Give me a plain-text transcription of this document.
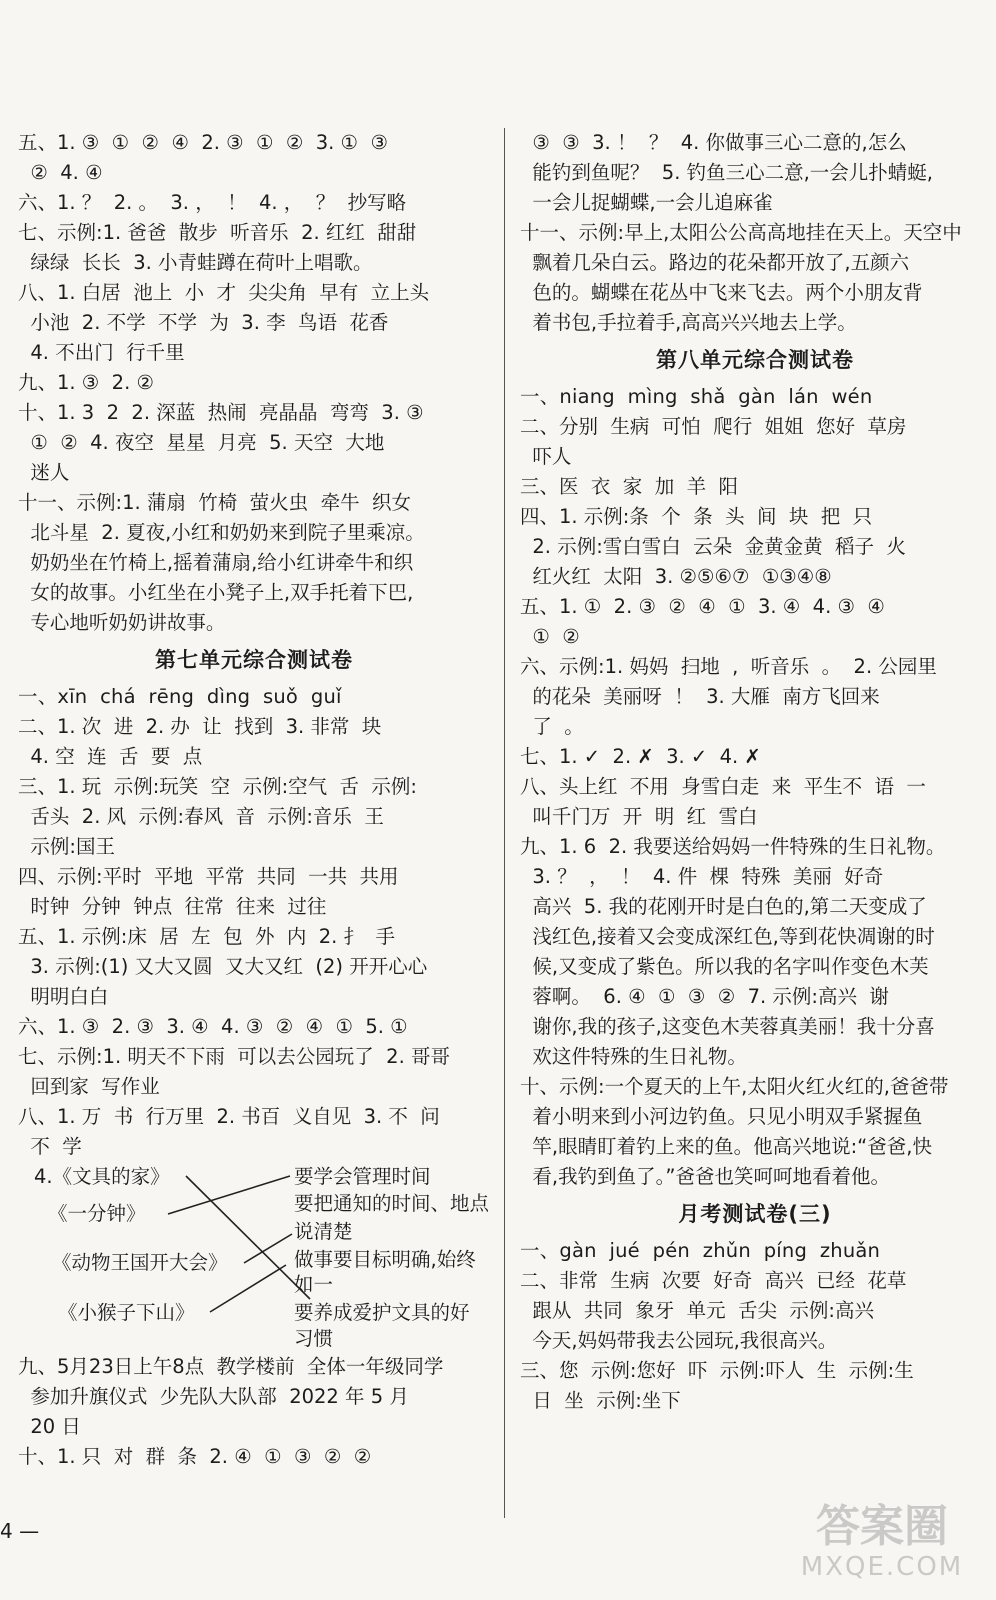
五、1. ③  ①  ②  ④  2. ③  ①  ②  3. ①  ③
②  4. ④
六、1. ？  2. 。  3. ，  ！  4. ，  ？  抄写略
七、示例:1. 爸爸  散步  听音乐  2. 红红  甜甜
绿绿  长长  3. 小青蛙蹲在荷叶上唱歌。
八、1. 白居  池上  小  才  尖尖角  早有  立上头
小池  2. 不学  不学  为  3. 李  鸟语  花香
4. 不出门  行千里
九、1. ③  2. ②
十、1. 3  2  2. 深蓝  热闹  亮晶晶  弯弯  3. ③
①  ②  4. 夜空  星星  月亮  5. 天空  大地
迷人
十一、示例:1. 蒲扇  竹椅  萤火虫  牵牛  织女
北斗星  2. 夏夜,小红和奶奶来到院子里乘凉。
奶奶坐在竹椅上,摇着蒲扇,给小红讲牵牛和织
女的故事。小红坐在小凳子上,双手托着下巴,
专心地听奶奶讲故事。
第七单元综合测试卷
一、xīn  chá  rēng  dìng  suǒ  guǐ
二、1. 次  进  2. 办  让  找到  3. 非常  块
4. 空  连  舌  要  点
三、1. 玩  示例:玩笑  空  示例:空气  舌  示例:
舌头  2. 风  示例:春风  音  示例:音乐  王
示例:国王
四、示例:平时  平地  平常  共同  一共  共用
时钟  分钟  钟点  往常  往来  过往
五、1. 示例:床  居  左  包  外  内  2. 扌  手
3. 示例:(1) 又大又圆  又大又红  (2) 开开心心
明明白白
六、1. ③  2. ③  3. ④  4. ③  ②  ④  ①  5. ①
七、示例:1. 明天不下雨  可以去公园玩了  2. 哥哥
回到家  写作业
八、1. 万  书  行万里  2. 书百  义自见  3. 不  问
不  学
4.《文具的家》
《一分钟》
《动物王国开大会》
《小猴子下山》
要学会管理时间
要把通知的时间、地点
说清楚
做事要目标明确,始终
如一
要养成爱护文具的好
习惯
九、5月23日上午8点  教学楼前  全体一年级同学
参加升旗仪式  少先队大队部  2022 年 5 月
20 日
十、1. 只  对  群  条  2. ④  ①  ③  ②  ②
4 —
③  ③  3. ！  ？  4. 你做事三心二意的,怎么
能钓到鱼呢？  5. 钓鱼三心二意,一会儿扑蜻蜓,
一会儿捉蝴蝶,一会儿追麻雀
十一、示例:早上,太阳公公高高地挂在天上。天空中
飘着几朵白云。路边的花朵都开放了,五颜六
色的。蝴蝶在花丛中飞来飞去。两个小朋友背
着书包,手拉着手,高高兴兴地去上学。
第八单元综合测试卷
一、niang  mìng  shǎ  gàn  lán  wén
二、分别  生病  可怕  爬行  姐姐  您好  草房
吓人
三、医  衣  家  加  羊  阳
四、1. 示例:条  个  条  头  间  块  把  只
2. 示例:雪白雪白  云朵  金黄金黄  稻子  火
红火红  太阳  3. ②⑤⑥⑦  ①③④⑧
五、1. ①  2. ③  ②  ④  ①  3. ④  4. ③  ④
①  ②
六、示例:1. 妈妈  扫地  ,  听音乐  。  2. 公园里
的花朵  美丽呀  ！  3. 大雁  南方飞回来
了  。
七、1. ✓  2. ✗  3. ✓  4. ✗
八、头上红  不用  身雪白走  来  平生不  语  一
叫千门万  开  明  红  雪白
九、1. 6  2. 我要送给妈妈一件特殊的生日礼物。
3. ？  ，  ！  4. 件  棵  特殊  美丽  好奇
高兴  5. 我的花刚开时是白色的,第二天变成了
浅红色,接着又会变成深红色,等到花快凋谢的时
候,又变成了紫色。所以我的名字叫作变色木芙
蓉啊。  6. ④  ①  ③  ②  7. 示例:高兴  谢
谢你,我的孩子,这变色木芙蓉真美丽！我十分喜
欢这件特殊的生日礼物。
十、示例:一个夏天的上午,太阳火红火红的,爸爸带
着小明来到小河边钓鱼。只见小明双手紧握鱼
竿,眼睛盯着钓上来的鱼。他高兴地说:“爸爸,快
看,我钓到鱼了。”爸爸也笑呵呵地看着他。
月考测试卷(三)
一、gàn  jué  pén  zhǔn  píng  zhuǎn
二、非常  生病  次要  好奇  高兴  已经  花草
跟从  共同  象牙  单元  舌尖  示例:高兴
今天,妈妈带我去公园玩,我很高兴。
三、您  示例:您好  吓  示例:吓人  生  示例:生
日  坐  示例:坐下
答案圈
MXQE.COM
